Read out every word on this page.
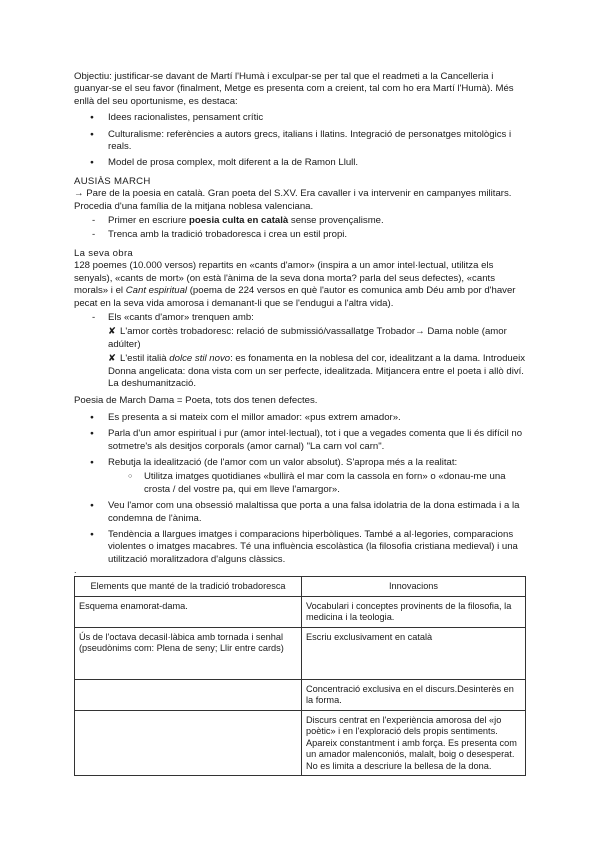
Objectiu: justificar-se davant de Martí l'Humà i exculpar-se per tal que el readmeti a la Cancelleria i guanyar-se el seu favor (finalment, Metge es presenta com a creient, tal com ho era Martí l'Humà). Més enllà del seu oportunisme, es destaca:

● Idees racionalistes, pensament crític
● Culturalisme: referències a autors grecs, italians i llatins. Integració de personatges mitològics i reals.
● Model de prosa complex, molt diferent a la de Ramon Llull.

AUSIÀS MARCH

→ Pare de la poesia en català. Gran poeta del S.XV. Era cavaller i va intervenir en campanyes militars. Procedia d'una família de la mitjana noblesa valenciana.

- Primer en escriure poesia culta en català sense provençalisme.
- Trenca amb la tradició trobadoresca i crea un estil propi.

La seva obra

128 poemes (10.000 versos) repartits en «cants d'amor» (inspira a un amor intel·lectual, utilitza els senyals), «cants de mort» (on està l'ànima de la seva dona morta? parla del seus defectes), «cants morals» i el Cant espiritual (poema de 224 versos en què l'autor es comunica amb Déu amb por d'haver pecat en la seva vida amorosa i demanant-li que se l'endugui a l'altra vida).

- Els «cants d'amor» trenquen amb:

✘ L'amor cortès trobadoresc: relació de submissió/vassallatge Trobador→ Dama noble (amor adúlter)

✘ L'estil italià dolce stil novo: es fonamenta en la noblesa del cor, idealitzant a la dama. Introdueix Donna angelicata: dona vista com un ser perfecte, idealitzada. Mitjancera entre el poeta i allò diví. La deshumanització.

Poesia de March Dama = Poeta, tots dos tenen defectes.

● Es presenta a si mateix com el millor amador: «pus extrem amador».
● Parla d'un amor espiritual i pur (amor intel·lectual), tot i que a vegades comenta que li és difícil no sotmetre's als desitjos corporals (amor carnal) "La carn vol carn".
● Rebutja la idealització (de l'amor com un valor absolut). S'apropa més a la realitat:
○ Utilitza imatges quotidianes «bullirà el mar com la cassola en forn» o «donau-me una crosta / del vostre pa, qui em lleve l'amargor».
● Veu l'amor com una obsessió malaltissa que porta a una falsa idolatria de la dona estimada i a la condemna de l'ànima.
● Tendència a llargues imatges i comparacions hiperbòliques. També a al·legories, comparacions violentes o imatges macabres. Té una influència escolàstica (la filosofia cristiana medieval) i una utilització moralitzadora d'alguns clàssics.

.

Elements que manté de la tradició trobadoresca	Innovacions
Esquema enamorat-dama.	Vocabulari i conceptes provinents de la filosofia, la medicina i la teologia.
Ús de l'octava decasil·làbica amb tornada i senhal (pseudònims com: Plena de seny; Llir entre cards)	Escriu exclusivament en català
	Concentració exclusiva en el discurs.Desinterès en la forma.
	Discurs centrat en l'experiència amorosa del «jo poètic» i en l'exploració dels propis sentiments. Apareix constantment i amb força. Es presenta com un amador malenconiós, malalt, boig o desesperat. No es limita a descriure la bellesa de la dona.
